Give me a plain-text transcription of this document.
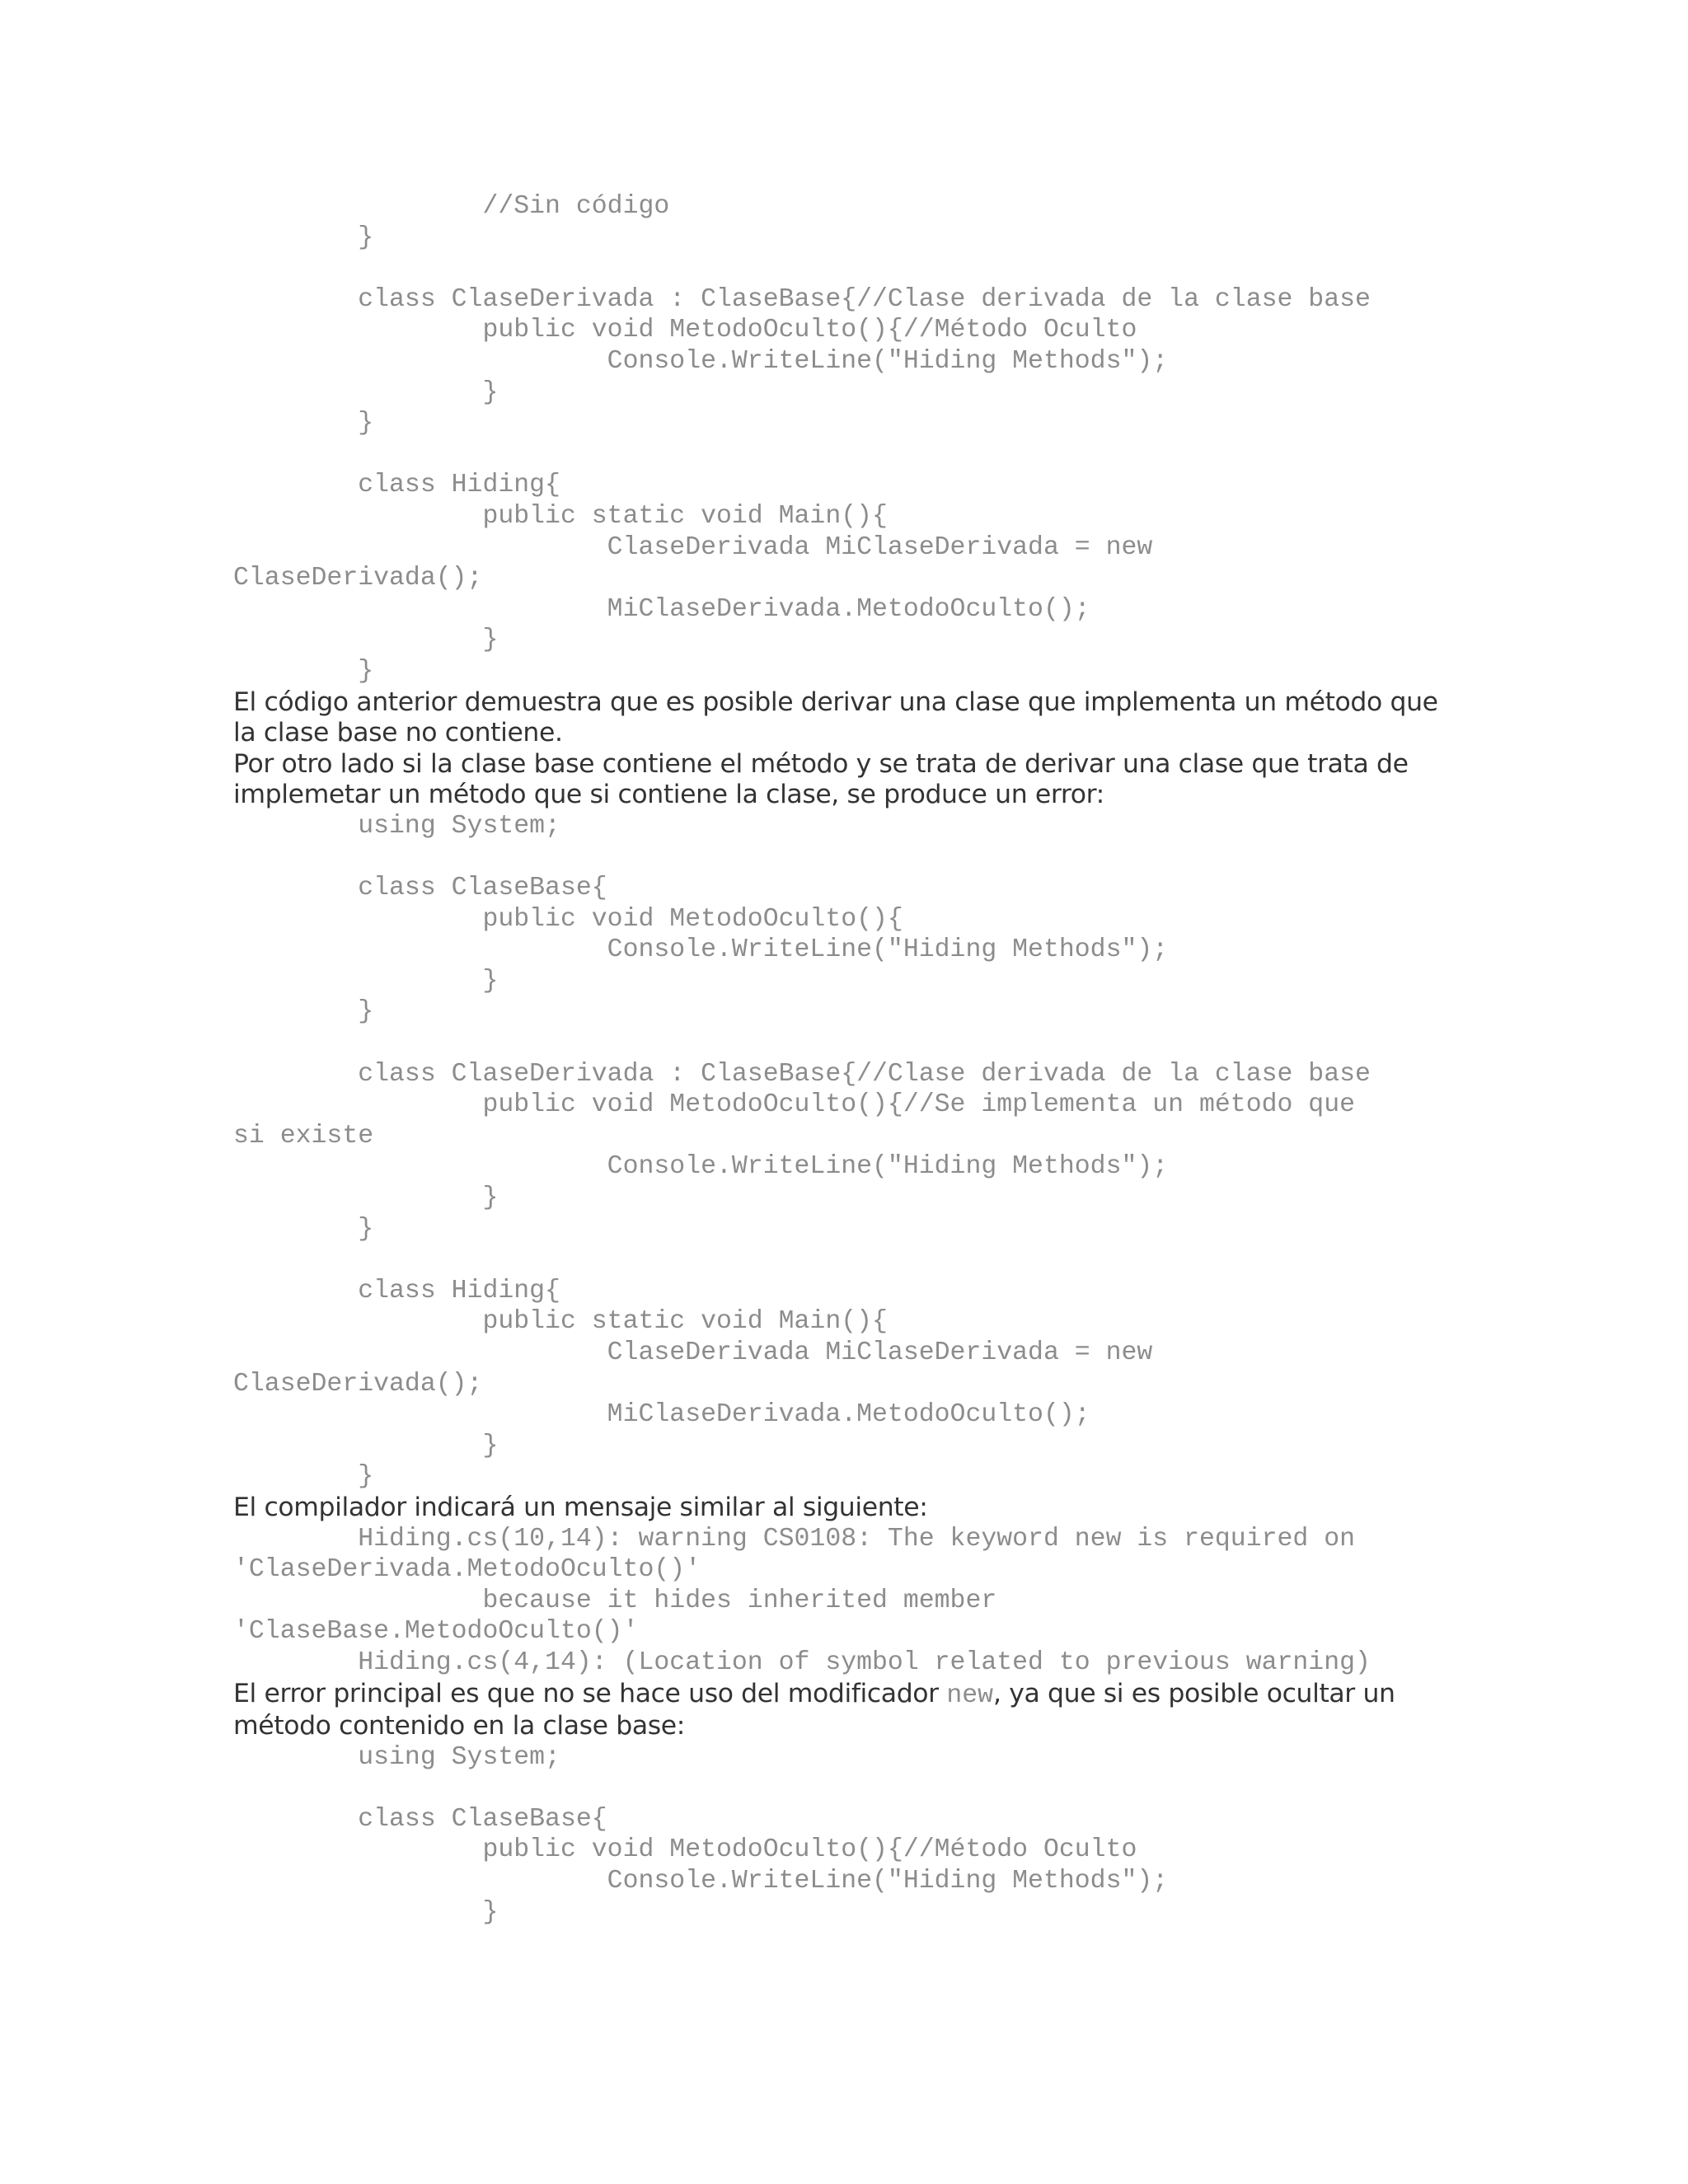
//Sin código
}

class ClaseDerivada : ClaseBase{//Clase derivada de la clase base
public void MetodoOculto(){//Método Oculto
Console.WriteLine("Hiding Methods");
}
}

class Hiding{
public static void Main(){
ClaseDerivada MiClaseDerivada = new
ClaseDerivada();
MiClaseDerivada.MetodoOculto();
}
}

El código anterior demuestra que es posible derivar una clase que implementa un método que la clase base no contiene.

Por otro lado si la clase base contiene el método y se trata de derivar una clase que trata de implemetar un método que si contiene la clase, se produce un error:

using System;

class ClaseBase{
public void MetodoOculto(){
Console.WriteLine("Hiding Methods");
}
}

class ClaseDerivada : ClaseBase{//Clase derivada de la clase base
public void MetodoOculto(){//Se implementa un método que
si existe
Console.WriteLine("Hiding Methods");
}
}

class Hiding{
public static void Main(){
ClaseDerivada MiClaseDerivada = new
ClaseDerivada();
MiClaseDerivada.MetodoOculto();
}
}

El compilador indicará un mensaje similar al siguiente:

Hiding.cs(10,14): warning CS0108: The keyword new is required on
'ClaseDerivada.MetodoOculto()'
because it hides inherited member
'ClaseBase.MetodoOculto()'
Hiding.cs(4,14): (Location of symbol related to previous warning)

El error principal es que no se hace uso del modificador new, ya que si es posible ocultar un método contenido en la clase base:

using System;

class ClaseBase{
public void MetodoOculto(){//Método Oculto
Console.WriteLine("Hiding Methods");
}
